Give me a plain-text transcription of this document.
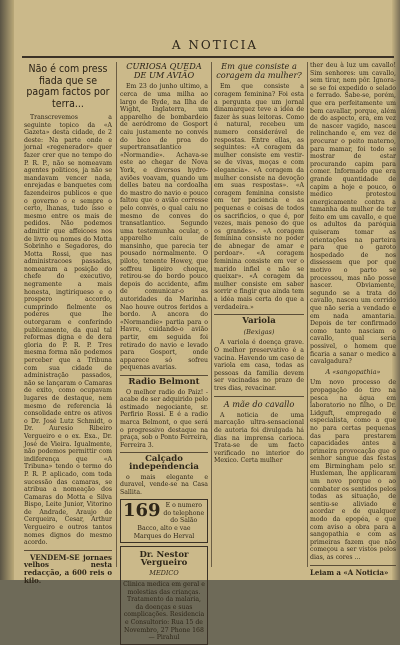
A NOTICIA
Não é com press fiada que se pagam factos por terra...

Transcrevemos a seguinte topico da «A Gazeta» desta cidade, de 2 deste: Na parte onde e jornal «regenerador» quer fazer crer que no tempo do P. R. P., não se nomeavam agentes politicos, ja não se mandavam vencer nada, enrejadas e banquetes com fazendeiros publicos e que o governo o e sempre o certo, lhanas, tudo isso e mesmo entre os mais de pedidos. Não podemos admittir que affeicoes nos de livro ou nomes do Motta Sobrinho e Segadores, do Motta Rossi, que nas administracoes passadas, nomearam a posição do chefe do executivo, negramente a mais honesta, ingtiriqueso e o prospero accordo, cumprindo fielmente os poderes que lhe outorgaram e conferindo publicamente, da qual tal reformas digna e de dera gloria do P. R. P. Tres mesma forma não podemos perceber que a Tribuna com sua cidade de administração passados, não se lançaram o Camaras de exito, como ocupavam lugares de destaque, nem mesmo de referencia lá consolidade entre os ativos o Dr. José Lutz Schmidt, o Dr. Auresio Ribeiro Vergueiro e o ex. Exa., Dr. José de Vieira. Igualmente, não podemos permittir com indiferença que «A Tribuna» tendo o termo do P. R. P. aplicado, com toda sucessão das camaras, se atribua a nomeação dos Camaras do Motta e Silva Bispo, Leite Junior, Vitorino de Andrade, Araujo de Cerqueira, Cesar, Arthur Vergueiro e outros tantos nomes dignos do mesmo acordo.

VENDEM-SE jornaes velhos nesta redacção, a 600 reis o kilo.

CURIOSA QUEDA DE UM AVIÃO

Em 23 do junho ultimo, a cerca de uma milha ao largo de Ryde, na Ilha de Wight, Inglaterra, um apparelho de bombardeio de aeródromo de Gosport caiu justamente no convés do bico de proa do supertransatlantico «Normandie». Achava-se este ao chegar de Nova York, e diversos hydro-aviões voavam, quando um delles bateu na cordoalha do mastro do navio e pouco faltou que o avião corresse pelo convés, o qual caiu no mesmo de conves do transatlantico. Segundo uma testemunha ocular, o apparelho caiu de mansinho, que parecia ter pousado normalmente. O piloto, tenente Howey, que soffreu ligeiro choque, retirou-se do bordo pouco depois do accidente, afim de comunicar-o as autoridades da Marinha. Nao houve outros feridos a bordo. A ancora do «Normandie» partia para o Havre, cuidando-o avião partir, em seguida foi retirado do navio e levado para Gosport, onde apparece só sofreu pequenas avarias.

Radio Belmont

O melhor radio do Paiz! - acabe de ser adquirido pelo estimado negociante, sr. Perfirio Rossi. E é a radio marca Belmont, o que será o progressivo destaque na praça, sob o Ponto Ferreira, Ferreira 3.

Calçado independencia

o mais elegante e duravel, vende-se na Casa Sallita.

169 E o numero do telephone do Salão Bacco, alto e vae Marques do Herval
Dr. Nestor Vergueiro
MEDICO
Clinica medica em geral e molestias das crianças. Tratamento da malaria, da doenças e suas complicações. Residencia e Consultorio: Rua 15 de Novembro, 27 Phone 168 — Pirahul
Em que consiste a coragem da mulher?

Em que consiste a coragem feminina? Foi esta a pergunta que um jornal dinamarquez teve a idéa de fazer às suas leitoras. Como é natural, recebeu um numero considerável de respostas. Entre ellas, as seguintes: «A coragem da mulher consiste em vestir-se de vivas, moças e com elegancia». «A coragem da mulher consiste na devoção em suas respostas». «A coragem feminina consiste em ter paciencia e as pequenas e coisas de todos os sacrificios, o que é, por vezes, mais penoso do que os grandes». «A coragem feminina consiste no poder de abnegar de amar e perdoar». «A coragem feminina consiste em ver o marido infiel e não se queixar». «A coragem da mulher consiste em saber sorrir e fingir que ainda tem a idéa mais certa do que a verdadeira.»

Variola
(Bexigas)

A variola é doença grave. O melhor preservativo é a vacina. Havendo um caso de variola em casa, todas as pessoas da familia devem ser vacinadas no prazo de tres dias, revacinar.

A mãe do cavallo

A noticia de uma marcação ultra-sensacional de autoria foi divulgada há dias na imprensa carioca. Trata-se de um facto verificado no interior do Mexico. Certa mulher

ther deu à luz um cavallo! Sim senhores: um cavallo, sem tirar, nem pôr. Ignora-se se foi expedido o selado e ferrado. Sabe-se, porém, que era perfeitamente um bem cavallar, porque, além de do aspecto, era, em vez de nascer vagido, nasceu relinchando e, em vez de procurar o peito materno, para mamar, foi todo se mostrar de estar procurando capim para comer. Informado que era grande quantidade de capim a hoje e pouco, o medico protestou energicamente contra a tamanha da mulher de ter feito em um cavallo, e que os adultos da paróquia quiseram tomar as orientações na parteira para que o garoto hospedado de nos dissessem que por que motivo o parto se processou, mas não posse nascer. Obviamente, segundo se a trata do cavallo, nasceu um corrido que não seria a vendado e em nada amantaria. Depois de ter confirmado como tanto nasciam o cavallo, qual seria possivel, o homem que ficaria a sanar o medico a cavalgadura?

A «sangopathia»

Um novo processo de propagação do tiro na pesca na água em laboratorio no filho, o Dr. Lidguft, empregado e especialista, como a que no para certas pequenas das para prestarem capacidades antes a primeira provocação que o senhor sangue das festas em Birmingham pelo sr. Huxleman, lhe applicaram um novo porque o ao combater os sentidos pelos todas as situação, de sentiu-se aliviado e acordar e de qualquer modo da epopéa, e que com aviso a obra para a sangopathia e com as primeiras fazem que não começou a ser vistos pelos dias, as cores ...

Leiam a «A Noticia»
